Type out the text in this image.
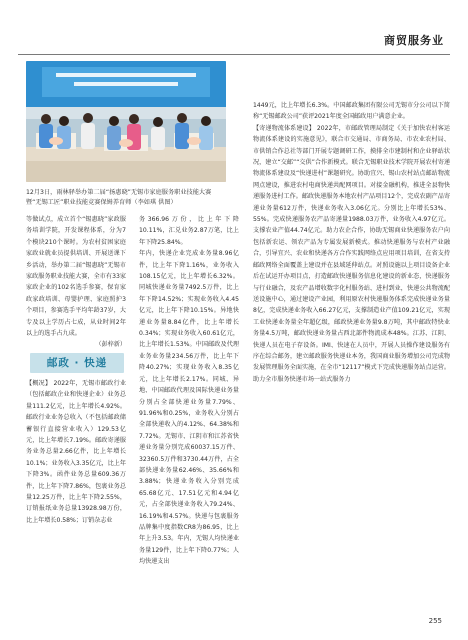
商贸服务业
12月3日，雨林驿举办第二届“扬惠晓”无锡市家庭服务职业技能大赛暨“无锡工匠”职业技能竞赛保姆养育师（李如琪 供图）

等做试点，成立首个“锡惠晓”家政服务培训学院，开发课程体系，分为7个模块210个课时。为农村贫困家庭家政业就业员提供培训、开展送课下乡活动，举办第二届“锡惠晓”无锡市家政服务职业技能大赛，全市有33家家政企业的102名选手参赛，保育家政家政培训、母婴护理、家庭照护3个项目，参赛选手平均年龄37岁，大专及以上学历占七成，从业时间2年以上的选手占九成。

（彭梓新）

邮政 · 快递

【概况】 2022年，无锡市邮政行业（包括邮政企业和快递企业）业务总量111.2亿元，比上年增长4.92%。邮政行业业务总收入（不包括邮政储蓄银行直接营业收入）129.53亿元，比上年增长7.19%。邮政寄递服务业务总量2.66亿件，比上年增长10.1%；业务收入3.35亿元，比上年下降3%。函件业务总量609.36万件，比上年下降7.86%，包裹业务总量12.25万件，比上年下降2.55%，订销报纸业务总量13928.98万份，比上年增长0.58%；订销杂志业

务366.96万份，比上年下降10.11%，汇兑业务2.87万笔，比上年下降25.84%。

年内，快递企业完成业务量8.96亿件，比上年下降1.16%，业务收入108.15亿元，比上年增长6.32%。同城快递业务量7492.5万件，比上年下降14.52%；实现业务收入4.45亿元，比上年下降10.15%。异地快递业务量8.84亿件，比上年增长0.34%；实现业务收入60.61亿元，比上年增长1.53%。中国邮政及代理业务业务量234.56万件，比上年下降40.27%；实现业务收入8.35亿元，比上年增长2.17%。同城、异地、中国邮政代理及国际快递业务量分别占全部快递业务量7.79%、91.96%和0.25%，业务收入分别占全部快递收入的4.12%、64.38%和7.72%。无锡市、江阴市和江苏省快递业务量分别完成60037.15万件、32360.5万件和3730.44万件，占全部快递业务量62.46%、35.66%和3.88%；快递业务收入分别完成65.68亿元、17.51亿元和4.94亿元，占全部快递业务收入79.24%、16.19%和4.57%。快递与包裹服务品牌集中度指数CR8为86.95，比上年上升3.53。年内，无锡人均快递业务量129件，比上年下降0.77%；人均快递支出

1449元，比上年增长6.3%。中国邮政集团有限公司无锡市分公司以下简称“无锡邮政公司”获评2021年度全国邮政用户满意企业。

【寄递物流体系建设】 2022年，市邮政管理局制定《关于加快农村客运物流体系建设的实施意见》，联合市交通局、市商务局、市农业农村局、市供销合作总社等部门开展专题调研工作，摸排全市建制村和企业驿站状况，建立“交邮”“交供”合作新模式。联合无锡职业技术学院开展农村寄递物流体系建设及“快递进村”课题研究。协助宜兴、锡山农村站点邮站物流网点建设，推进农村电商快递共配网项目。对接金融机构，推进全县物快递服务进村工作。邮政快递服务本地农村产品项目12个，完成农副产品寄递业务量612万件，快递业务收入3.06亿元。分别比上年增长53%、55%。完成快递服务农产品寄递量1988.03万件，业务收入4.97亿元。支撑农业产值44.74亿元。助力农企合作，协助无锡商业快递服务农户向包括新农运、领农产品为专属发展新模式。推动快递服务与农村产业融合，引导宜兴、农业和快递各方合作实践网络点应用项目培训，在省支持邮政网络全面覆盖上建设并在县域延伸站点。对照设施以上项目设备企业后在试运开办项目点，打造邮政快递服务信息化建设的新业态，快递服务与行业融合，及农产品增收数字化村服务站、进村到业，快递公共物流配送设施中心，通过建设产业园，利用原农村快递服务体系完成快递业务量8亿，完成快递业务收入66.27亿元，支撑制造业产值109.21亿元，实现工业快递业务量全年超亿级，邮政快递业务量9.8万吨，其中邮政特快业务量4.5万吨，邮政快递业务量占西北部件物流成本48%。江苏、江阴、快递人员在电子存设备。IMI、快速在人员中，开展人员操作建设服务有序在综合邮务，建立邮政服务快递业本务，我国商业服务增加公司完成物发展管理服务全面实施，在全市“12117”模式下完成快递服务站点运营。助力全市服务快递市场一站式服务力

255
